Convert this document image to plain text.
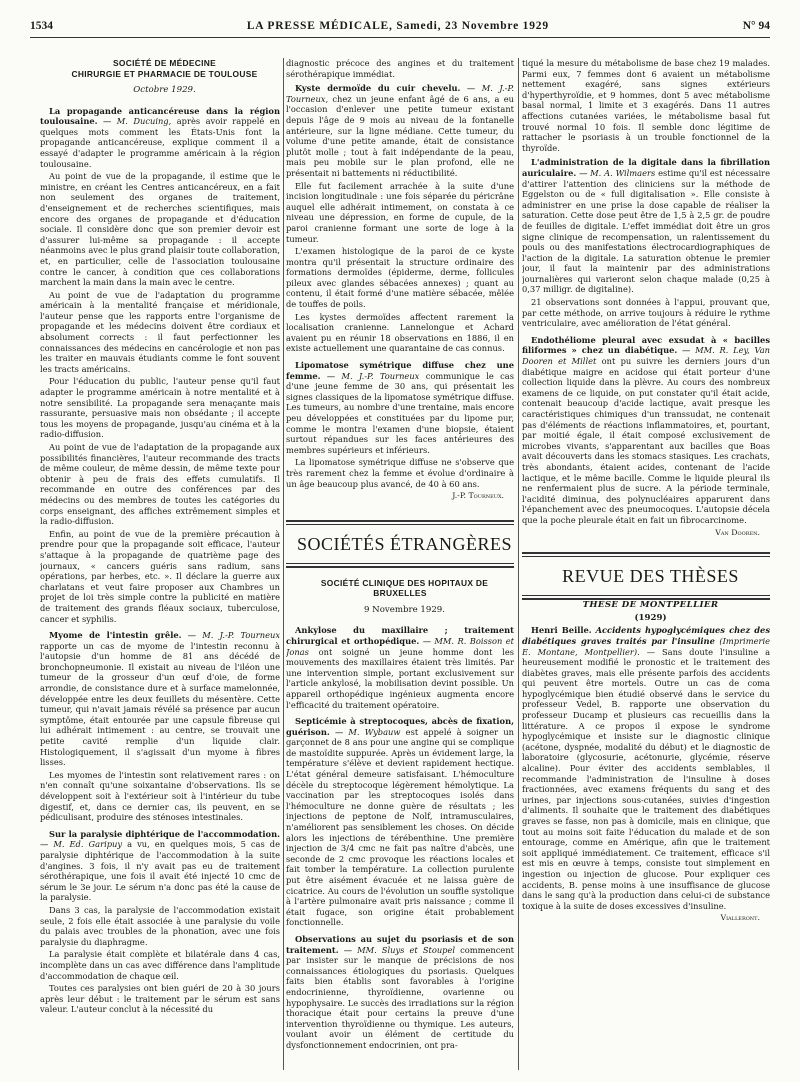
1534	LA PRESSE MÉDICALE, Samedi, 23 Novembre 1929	N° 94

SOCIÉTÉ DE MÉDECINE

CHIRURGIE ET PHARMACIE DE TOULOUSE

Octobre 1929.

La propagande anticancéreuse dans la région toulousaine. — M. Ducuing, après avoir rappelé en quelques mots comment les États-Unis font la propagande anticancéreuse, explique comment il a essayé d'adapter le programme américain à la région toulousaine.

Au point de vue de la propagande, il estime que le ministre, en créant les Centres anticancéreux, en a fait non seulement des organes de traitement, d'enseignement et de recherches scientifiques, mais encore des organes de propagande et d'éducation sociale. Il considère donc que son premier devoir est d'assurer lui-même sa propagande : il accepte néanmoins avec le plus grand plaisir toute collaboration, et, en particulier, celle de l'association toulousaine contre le cancer, à condition que ces collaborations marchent la main dans la main avec le centre.

Au point de vue de l'adaptation du programme américain à la mentalité française et méridionale, l'auteur pense que les rapports entre l'organisme de propagande et les médecins doivent être cordiaux et absolument corrects : il faut perfectionner les connaissances des médecins en cancérologie et non pas les traiter en mauvais étudiants comme le font souvent les tracts américains.

Pour l'éducation du public, l'auteur pense qu'il faut adapter le programme américain à notre mentalité et à notre sensibilité. La propagande sera menaçante mais rassurante, persuasive mais non obsédante ; il accepte tous les moyens de propagande, jusqu'au cinéma et à la radio-diffusion.

Au point de vue de l'adaptation de la propagande aux possibilités financières, l'auteur recommande des tracts de même couleur, de même dessin, de même texte pour obtenir à peu de frais des effets cumulatifs. Il recommande en outre des conférences par des médecins ou des membres de toutes les catégories du corps enseignant, des affiches extrêmement simples et la radio-diffusion.

Enfin, au point de vue de la première précaution à prendre pour que la propagande soit efficace, l'auteur s'attaque à la propagande de quatrième page des journaux, « cancers guéris sans radium, sans opérations, par herbes, etc. ». Il déclare la guerre aux charlatans et veut faire proposer aux Chambres un projet de loi très simple contre la publicité en matière de traitement des grands fléaux sociaux, tuberculose, cancer et syphilis.

Myome de l'intestin grêle. — M. J.-P. Tourneux rapporte un cas de myome de l'intestin reconnu à l'autopsie d'un homme de 81 ans décédé de bronchopneumonie. Il existait au niveau de l'iléon une tumeur de la grosseur d'un œuf d'oie, de forme arrondie, de consistance dure et à surface mamelonnée, développée entre les deux feuillets du mésentère. Cette tumeur, qui n'avait jamais révélé sa présence par aucun symptôme, était entourée par une capsule fibreuse qui lui adhérait intimement : au centre, se trouvait une petite cavité remplie d'un liquide clair. Histologiquement, il s'agissait d'un myome à fibres lisses.

Les myomes de l'intestin sont relativement rares : on n'en connaît qu'une soixantaine d'observations. Ils se développent soit à l'extérieur soit à l'intérieur du tube digestif, et, dans ce dernier cas, ils peuvent, en se pédiculisant, produire des sténoses intestinales.

Sur la paralysie diphtérique de l'accommodation. — M. Ed. Garipuy a vu, en quelques mois, 5 cas de paralysie diphtérique de l'accommodation à la suite d'angines. 3 fois, il n'y avait pas eu de traitement sérothérapique, une fois il avait été injecté 10 cmc de sérum le 3e jour. Le sérum n'a donc pas été la cause de la paralysie.

Dans 3 cas, la paralysie de l'accommodation existait seule, 2 fois elle était associée à une paralysie du voile du palais avec troubles de la phonation, avec une fois paralysie du diaphragme.

La paralysie était complète et bilatérale dans 4 cas, incomplète dans un cas avec différence dans l'amplitude d'accommodation de chaque œil.

Toutes ces paralysies ont bien guéri de 20 à 30 jours après leur début : le traitement par le sérum est sans valeur. L'auteur conclut à la nécessité du

diagnostic précoce des angines et du traitement sérothérapique immédiat.

Kyste dermoïde du cuir chevelu. — M. J.-P. Tourneux, chez un jeune enfant âgé de 6 ans, a eu l'occasion d'enlever une petite tumeur existant depuis l'âge de 9 mois au niveau de la fontanelle antérieure, sur la ligne médiane. Cette tumeur, du volume d'une petite amande, était de consistance plutôt molle ; tout à fait indépendante de la peau, mais peu mobile sur le plan profond, elle ne présentait ni battements ni réductibilité.

Elle fut facilement arrachée à la suite d'une incision longitudinale : une fois séparée du péricrâne auquel elle adhérait intimement, on constata à ce niveau une dépression, en forme de cupule, de la paroi cranienne formant une sorte de loge à la tumeur.

L'examen histologique de la paroi de ce kyste montra qu'il présentait la structure ordinaire des formations dermoïdes (épiderme, derme, follicules pileux avec glandes sébacées annexes) ; quant au contenu, il était formé d'une matière sébacée, mêlée de touffes de poils.

Les kystes dermoïdes affectent rarement la localisation cranienne. Lannelongue et Achard avaient pu en réunir 18 observations en 1886, il en existe actuellement une quarantaine de cas connus.

Lipomatose symétrique diffuse chez une femme. — M. J.-P. Tourneux communique le cas d'une jeune femme de 30 ans, qui présentait les signes classiques de la lipomatose symétrique diffuse. Les tumeurs, au nombre d'une trentaine, mais encore peu développées et constituées par du lipome pur, comme le montra l'examen d'une biopsie, étaient surtout répandues sur les faces antérieures des membres supérieurs et inférieurs.

La lipomatose symétrique diffuse ne s'observe que très rarement chez la femme et évolue d'ordinaire à un âge beaucoup plus avancé, de 40 à 60 ans.

J.-P. Tourneux.

SOCIÉTÉS ÉTRANGÈRES

SOCIÉTÉ CLINIQUE DES HOPITAUX DE BRUXELLES

9 Novembre 1929.

Ankylose du maxillaire ; traitement chirurgical et orthopédique. — MM. R. Boisson et Jonas ont soigné un jeune homme dont les mouvements des maxillaires étaient très limités. Par une intervention simple, portant exclusivement sur l'article ankylosé, la mobilisation devint possible. Un appareil orthopédique ingénieux augmenta encore l'efficacité du traitement opératoire.

Septicémie à streptocoques, abcès de fixation, guérison. — M. Wybauw est appelé à soigner un garçonnet de 8 ans pour une angine qui se complique de mastoïdite suppurée. Après un évidement large, la température s'élève et devient rapidement hectique. L'état général demeure satisfaisant. L'hémoculture décèle du streptocoque légèrement hémolytique. La vaccination par les streptocoques isolés dans l'hémoculture ne donne guère de résultats ; les injections de peptone de Nolf, intramusculaires, n'améliorent pas sensiblement les choses. On décide alors les injections de térébenthine. Une première injection de 3/4 cmc ne fait pas naître d'abcès, une seconde de 2 cmc provoque les réactions locales et fait tomber la température. La collection purulente put être aisément évacuée et ne laissa guère de cicatrice. Au cours de l'évolution un souffle systolique à l'artère pulmonaire avait pris naissance ; comme il était fugace, son origine était probablement fonctionnelle.

Observations au sujet du psoriasis et de son traitement. — MM. Sluys et Stoupel commencent par insister sur le manque de précisions de nos connaissances étiologiques du psoriasis. Quelques faits bien établis sont favorables à l'origine endocrinienne, thyroïdienne, ovarienne ou hypophysaire. Le succès des irradiations sur la région thoracique était pour certains la preuve d'une intervention thyroïdienne ou thymique. Les auteurs, voulant avoir un élément de certitude du dysfonctionnement endocrinien, ont pra-

tiqué la mesure du métabolisme de base chez 19 malades. Parmi eux, 7 femmes dont 6 avaient un métabolisme nettement exagéré, sans signes extérieurs d'hyperthyroïdie, et 9 hommes, dont 5 avec métabolisme basal normal, 1 limite et 3 exagérés. Dans 11 autres affections cutanées variées, le métabolisme basal fut trouvé normal 10 fois. Il semble donc légitime de rattacher le psoriasis à un trouble fonctionnel de la thyroïde.

L'administration de la digitale dans la fibrillation auriculaire. — M. A. Wilmaers estime qu'il est nécessaire d'attirer l'attention des cliniciens sur la méthode de Eggelston ou de « full digitalisation ». Elle consiste à administrer en une prise la dose capable de réaliser la saturation. Cette dose peut être de 1,5 à 2,5 gr. de poudre de feuilles de digitale. L'effet immédiat doit être un gros signe clinique de recompensation, un ralentissement du pouls ou des manifestations électrocardiographiques de l'action de la digitale. La saturation obtenue le premier jour, il faut la maintenir par des administrations journalières qui varieront selon chaque malade (0,25 à 0,37 milligr. de digitaline).

21 observations sont données à l'appui, prouvant que, par cette méthode, on arrive toujours à réduire le rythme ventriculaire, avec amélioration de l'état général.

Endothéliome pleural avec exsudat à « bacilles filiformes » chez un diabétique. — MM. R. Ley, Van Dooren et Millet ont pu suivre les derniers jours d'un diabétique maigre en acidose qui était porteur d'une collection liquide dans la plèvre. Au cours des nombreux examens de ce liquide, on put constater qu'il était acide, contenait beaucoup d'acide lactique, avait presque les caractéristiques chimiques d'un transsudat, ne contenait pas d'éléments de réactions inflammatoires, et, pourtant, par moitié égale, il était composé exclusivement de microbes vivants, s'apparentant aux bacilles que Boas avait découverts dans les stomacs stasiques. Les crachats, très abondants, étaient acides, contenant de l'acide lactique, et le même bacille. Comme le liquide pleural ils ne renfermaient plus de sucre. A la période terminale, l'acidité diminua, des polynucléaires apparurent dans l'épanchement avec des pneumocoques. L'autopsie décela que la poche pleurale était en fait un fibrocarcinome.

Van Dooren.

REVUE DES THÈSES

THÈSE DE MONTPELLIER

(1929)

Henri Beille. Accidents hypoglycémiques chez des diabétiques graves traités par l'insuline (Imprimerie E. Montane, Montpellier). — Sans doute l'insuline a heureusement modifié le pronostic et le traitement des diabètes graves, mais elle présente parfois des accidents qui peuvent être mortels. Outre un cas de coma hypoglycémique bien étudié observé dans le service du professeur Vedel, B. rapporte une observation du professeur Ducamp et plusieurs cas recueillis dans la littérature. A ce propos il expose le syndrome hypoglycémique et insiste sur le diagnostic clinique (acétone, dyspnée, modalité du début) et le diagnostic de laboratoire (glycosurie, acétonurie, glycémie, réserve alcaline). Pour éviter des accidents semblables, il recommande l'administration de l'insuline à doses fractionnées, avec examens fréquents du sang et des urines, par injections sous-cutanées, suivies d'ingestion d'aliments. Il souhaite que le traitement des diabétiques graves se fasse, non pas à domicile, mais en clinique, que tout au moins soit faite l'éducation du malade et de son entourage, comme en Amérique, afin que le traitement soit appliqué immédiatement. Ce traitement, efficace s'il est mis en œuvre à temps, consiste tout simplement en ingestion ou injection de glucose. Pour expliquer ces accidents, B. pense moins à une insuffisance de glucose dans le sang qu'à la production dans celui-ci de substance toxique à la suite de doses excessives d'insuline.

Vialleront.
